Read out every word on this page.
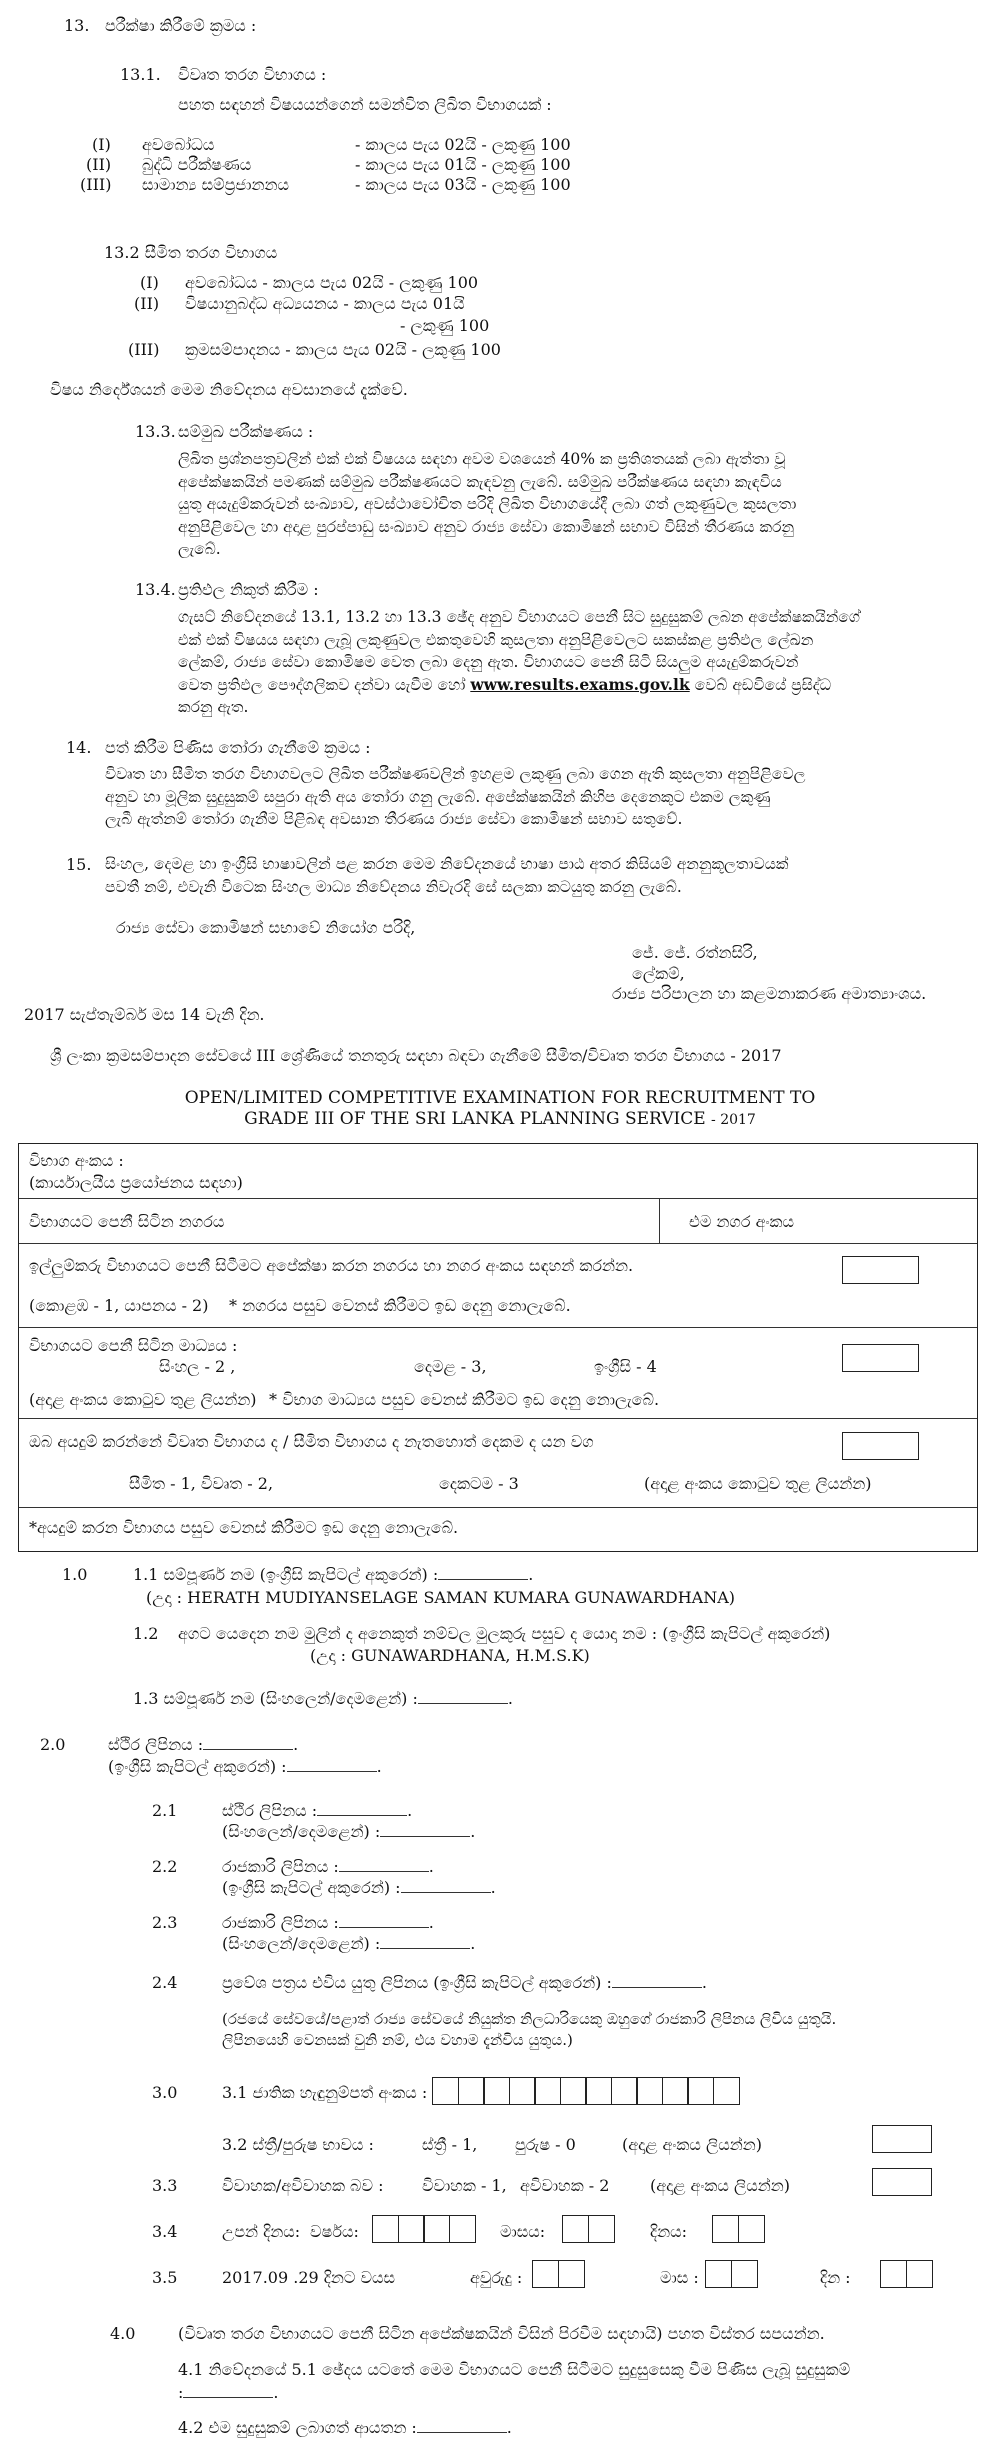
13. පරීක්ෂා කිරීමේ ක්‍රමය :
13.1. විවෘත තරග විභාගය :
පහත සඳහන් විෂයයන්ගෙන් සමන්විත ලිඛිත විභාගයක් :
(I) අවබෝධය	- කාලය පැය 02යි - ලකුණු 100
(II) බුද්ධි පරීක්ෂණය	- කාලය පැය 01යි - ලකුණු 100
(III) සාමාන්‍ය සම්ප්‍රජානනය	- කාලය පැය 03යි - ලකුණු 100
13.2 සීමිත තරග විභාගය
(I) අවබෝධය - කාලය පැය 02යි - ලකුණු 100
(II) විෂයානුබද්ධ අධ්‍යයනය - කාලය පැය 01යි
- ලකුණු 100
(III) ක්‍රමසම්පාදනය - කාලය පැය 02යි - ලකුණු 100
විෂය නිර්දේශයන් මෙම නිවේදනය අවසානයේ දැක්වේ.
13.3. සම්මුඛ පරීක්ෂණය :
ලිඛිත ප්‍රශ්නපත්‍රවලින් එක් එක් විෂයය සඳහා අවම වශයෙන් 40% ක ප්‍රතිශතයක් ලබා ඇත්තා වූ
අපේක්ෂකයින් පමණක් සම්මුඛ පරීක්ෂණයට කැඳවනු ලැබේ. සම්මුඛ පරීක්ෂණය සඳහා කැඳවිය
යුතු අයැදුම්කරුවන් සංඛ්‍යාව, අවස්ථාවෝචිත පරිදි ලිඛිත විභාගයේදී ලබා ගත් ලකුණුවල කුසලතා
අනුපිළිවෙල හා අදාළ පුරප්පාඩු සංඛ්‍යාව අනුව රාජ්‍ය සේවා කොමිෂන් සභාව විසින් තීරණය කරනු
ලැබේ.
13.4. ප්‍රතිඵල නිකුත් කිරීම :
ගැසට් නිවේදනයේ 13.1, 13.2 හා 13.3 ඡේද අනුව විභාගයට පෙනී සිට සුදුසුකම් ලබන අපේක්ෂකයින්ගේ
එක් එක් විෂයය සඳහා ලැබූ ලකුණුවල එකතුවෙහි කුසලතා අනුපිළිවෙලට සකස්කළ ප්‍රතිඵල ලේඛන
ලේකම්, රාජ්‍ය සේවා කොමිෂම වෙත ලබා දෙනු ඇත. විභාගයට පෙනී සිටි සියලුම අයැදුම්කරුවන්
වෙත ප්‍රතිඵල පෞද්ගලිකව දන්වා යැවීම හෝ www.results.exams.gov.lk වෙබ් අඩවියේ ප්‍රසිද්ධ
කරනු ඇත.
14. පත් කිරීම පිණිස තෝරා ගැනීමේ ක්‍රමය :
විවෘත හා සීමිත තරග විභාගවලට ලිඛිත පරීක්ෂණවලින් ඉහළම ලකුණු ලබා ගෙන ඇති කුසලතා අනුපිළිවෙල
අනුව හා මූලික සුදුසුකම් සපුරා ඇති අය තෝරා ගනු ලැබේ. අපේක්ෂකයින් කිහිප දෙනෙකුට එකම ලකුණු
ලැබී ඇත්නම් තෝරා ගැනීම පිළිබඳ අවසාන තීරණය රාජ්‍ය සේවා කොමිෂන් සභාව සතුවේ.
15. සිංහල, දෙමළ හා ඉංග්‍රීසි භාෂාවලින් පළ කරන මෙම නිවේදනයේ භාෂා පාඨ අතර කිසියම් අනනුකූලතාවයක්
පවතී නම්, එවැනි විටෙක සිංහල මාධ්‍ය නිවේදනය නිවැරදි සේ සලකා කටයුතු කරනු ලැබේ.
රාජ්‍ය සේවා කොමිෂන් සභාවේ නියෝග පරිදි,
ජේ. ජේ. රත්නසිරි,
ලේකම්,
රාජ්‍ය පරිපාලන හා කළමනාකරණ අමාත්‍යාංශය.
2017 සැප්තැම්බර් මස 14 වැනි දින.
ශ්‍රී ලංකා ක්‍රමසම්පාදන සේවයේ III ශ්‍රේණියේ තනතුරු සඳහා බඳවා ගැනීමේ සීමිත/විවෘත තරග විභාගය - 2017
OPEN/LIMITED COMPETITIVE EXAMINATION FOR RECRUITMENT TO
GRADE III OF THE SRI LANKA PLANNING SERVICE - 2017
විභාග අංකය :
(කාර්යාලයීය ප්‍රයෝජනය සඳහා)
විභාගයට පෙනී සිටින නගරය	එම නගර අංකය
ඉල්ලුම්කරු විභාගයට පෙනී සිටීමට අපේක්ෂා කරන නගරය හා නගර අංකය සඳහන් කරන්න.
(කොළඹ - 1, යාපනය - 2) * නගරය පසුව වෙනස් කිරීමට ඉඩ දෙනු නොලැබේ.
විභාගයට පෙනී සිටින මාධ්‍යය :
සිංහල - 2 ,	දෙමළ - 3,	ඉංග්‍රීසි - 4
(අදාළ අංකය කොටුව තුළ ලියන්න) * විභාග මාධ්‍යය පසුව වෙනස් කිරීමට ඉඩ දෙනු නොලැබේ.
ඔබ අයදුම් කරන්නේ විවෘත විභාගය ද / සීමිත විභාගය ද නැතහොත් දෙකම ද යන වග
සීමිත - 1, විවෘත - 2,	දෙකටම - 3	(අදාළ අංකය කොටුව තුළ ලියන්න)
*අයදුම් කරන විභාගය පසුව වෙනස් කිරීමට ඉඩ දෙනු නොලැබේ.
1.0	1.1 සම්පූර්ණ නම (ඉංග්‍රීසි කැපිටල් අකුරෙන්) :	.
(උදා : HERATH MUDIYANSELAGE SAMAN KUMARA GUNAWARDHANA)
1.2 අගට යෙදෙන නම මුලින් ද අනෙකුත් නම්වල මුලකුරු පසුව ද යොදා නම : (ඉංග්‍රීසි කැපිටල් අකුරෙන්)
(උදා : GUNAWARDHANA, H.M.S.K)
1.3 සම්පූර්ණ නම (සිංහලෙන්/දෙමළෙන්) :	.
2.0	ස්ථිර ලිපිනය :	.
(ඉංග්‍රීසි කැපිටල් අකුරෙන්) :	.
2.1	ස්ථිර ලිපිනය :	.
(සිංහලෙන්/දෙමළෙන්) :	.
2.2	රාජකාරි ලිපිනය :	.
(ඉංග්‍රීසි කැපිටල් අකුරෙන්) :	.
2.3	රාජකාරි ලිපිනය :	.
(සිංහලෙන්/දෙමළෙන්) :	.
2.4	ප්‍රවේශ පත්‍රය එවිය යුතු ලිපිනය (ඉංග්‍රීසි කැපිටල් අකුරෙන්) :	.
(රජයේ සේවයේ/පළාත් රාජ්‍ය සේවයේ නියුක්ත නිලධාරියෙකු ඔහුගේ රාජකාරි ලිපිනය ලිවිය යුතුයි.
ලිපිනයෙහි වෙනසක් වුනි නම්, එය වහාම දැන්විය යුතුය.)
3.0	3.1 ජාතික හැඳුනුම්පත් අංකය :
3.2 ස්ත්‍රී/පුරුෂ භාවය :	ස්ත්‍රී - 1, පුරුෂ - 0	(අදාළ අංකය ලියන්න)
3.3	විවාහක/අවිවාහක බව : විවාහක - 1, අවිවාහක - 2	(අදාළ අංකය ලියන්න)
3.4	උපන් දිනය: වර්ෂය:	මාසය:	දිනය:
3.5	2017.09 .29 දිනට වයස	අවුරුදු :	මාස :	දින :
4.0	(විවෘත තරග විභාගයට පෙනී සිටින අපේක්ෂකයින් විසින් පිරවීම සඳහායි) පහත විස්තර සපයන්න.
4.1 නිවේදනයේ 5.1 ඡේදය යටතේ මෙම විභාගයට පෙනී සිටීමට සුදුසුසෙකු වීම පිණිස ලැබූ සුදුසුකම්
:	.
4.2 එම සුදුසුකම් ලබාගත් ආයතන :	.
